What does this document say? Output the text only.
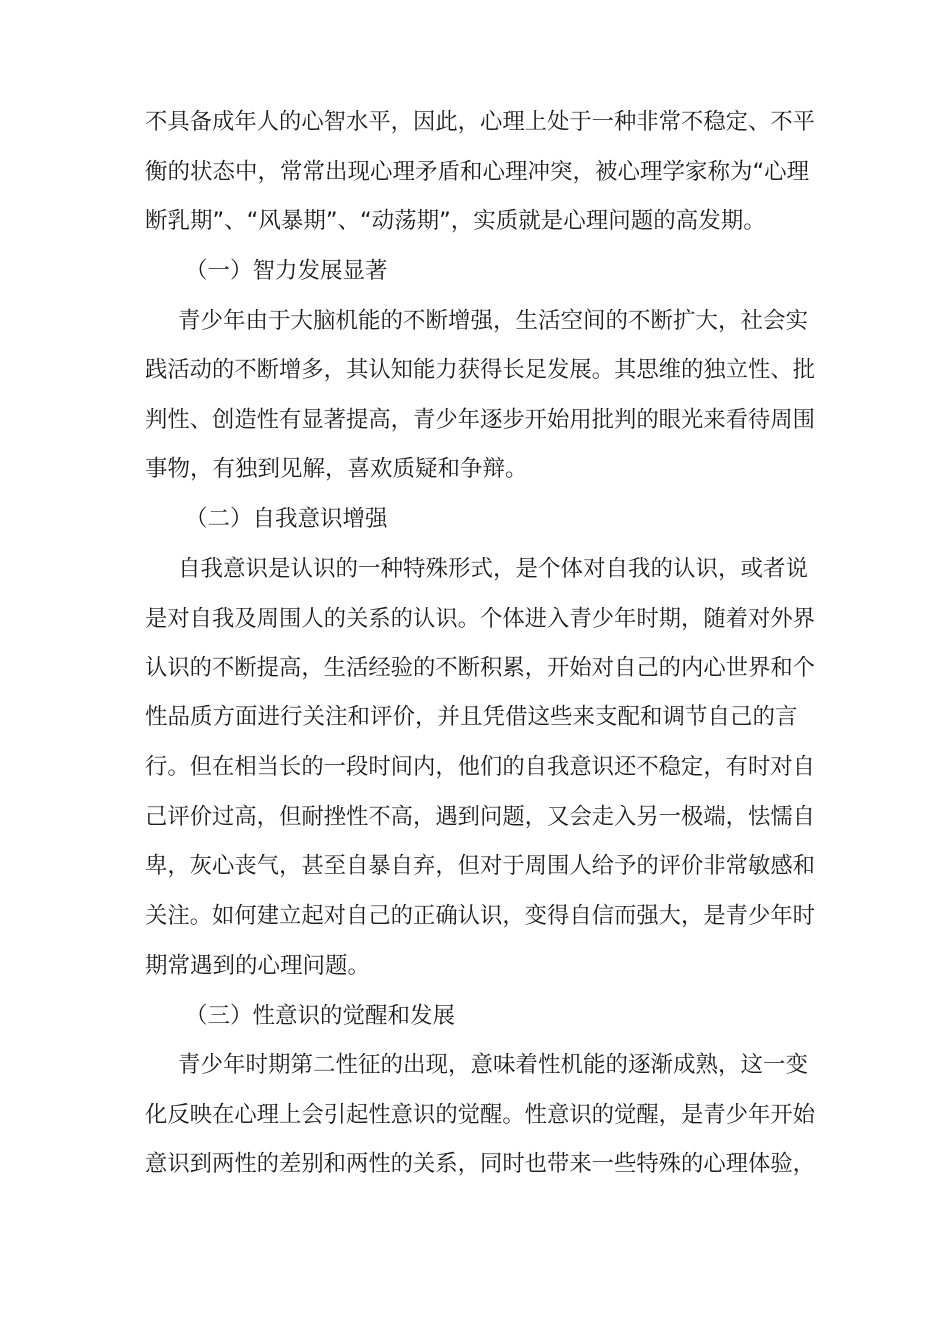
不具备成年人的心智水平，因此，心理上处于一种非常不稳定、不平
衡的状态中，常常出现心理矛盾和心理冲突，被心理学家称为“心理
断乳期”、“风暴期”、“动荡期”，实质就是心理问题的高发期。
（一）智力发展显著
青少年由于大脑机能的不断增强，生活空间的不断扩大，社会实
践活动的不断增多，其认知能力获得长足发展。其思维的独立性、批
判性、创造性有显著提高，青少年逐步开始用批判的眼光来看待周围
事物，有独到见解，喜欢质疑和争辩。
（二）自我意识增强
自我意识是认识的一种特殊形式，是个体对自我的认识，或者说
是对自我及周围人的关系的认识。个体进入青少年时期，随着对外界
认识的不断提高，生活经验的不断积累，开始对自己的内心世界和个
性品质方面进行关注和评价，并且凭借这些来支配和调节自己的言
行。但在相当长的一段时间内，他们的自我意识还不稳定，有时对自
己评价过高，但耐挫性不高，遇到问题，又会走入另一极端，怯懦自
卑，灰心丧气，甚至自暴自弃，但对于周围人给予的评价非常敏感和
关注。如何建立起对自己的正确认识，变得自信而强大，是青少年时
期常遇到的心理问题。
（三）性意识的觉醒和发展
青少年时期第二性征的出现，意味着性机能的逐渐成熟，这一变
化反映在心理上会引起性意识的觉醒。性意识的觉醒，是青少年开始
意识到两性的差别和两性的关系，同时也带来一些特殊的心理体验，
